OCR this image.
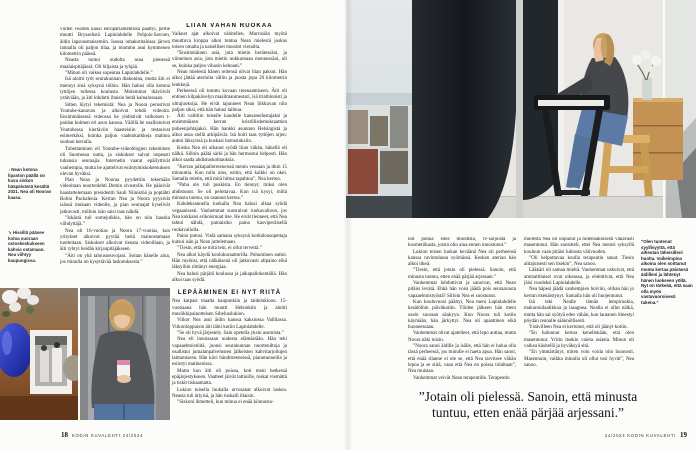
↓Nean kotona lipaston päällä on kuva siskon hääpäivästä kesältä 2021. Nea oli Nooran kaasa.
↘Hissillä pääsee kotoa suoraan ostoskeskukseen kahvia ostamaan. Nea viihtyy kaupungissa.

viiden vuoden kausi europarlamentissa päättyi, perhe muutti Brysselistä Lapinlahdelle Pohjois-Savoon, äidin lapsuusmaisemiin. Isossa omakotitalossa järven rannalla oli paljon tilaa, ja mummo asui kymmenen kilometrin päässä.

Neasta tuntui oudolta asua pienessä maalaispitäjässä. Oli hiljaista ja tyhjää.

”Minun oli vaikea sopeutua Lapinlahdelle.”

Isä aloitti työt seurakunnan diakonina, mutta äiti ei mennyt sinä syksynä töihin. Hän halusi olla kotona tyttöjen tullessa koulusta. Molemmat ikävöivät ystäviään, ja äiti lohdutti iltaisin heitä kainalossaan.

Sitten löytyi tekemistä: Nea ja Noora perustivat Youtube-kanavan ja alkoivat tehdä videoita. Ensimmäisessä videossa he yhdistivät valkoisen t-paidan kolmen eri asun kanssa. Välillä he osallistuivat Youtubessa kiertäviin haasteisiin ja testasivat esimerkiksi, kuinka paljon vaahtokarkkeja mahtuu suuhun kerralla.

Tubettaminen eli Youtube-videoblogien tekeminen oli Suomessa uutta, ja siskokset saivat nopeasti tuhansia seuraajia. Internetin vaarat epäilyttivät vanhempia, mutta he ajattelivat esiintymiskokemuksen olevan hyväksi.

Pian Neaa ja Nooraa pyydettiin tekemään videoitaan nuortenlehti Demin sivustolle. He pääsivät haastattelemaan presidentti Sauli Niinistöä ja poptähti Robin Packalenia. Kerran Nea ja Noora pyysivät isänsä mukaan videolle, ja pian seuraajat kyselivät jatkuvasti, milloin isän saisi taas nähdä.

”Iskästä tuli somejulkkis, hän on niin hauska viihdyttäjä.”

Nea oli 16-vuotias ja Noora 17-vuotias, kun yritykset alkoivat pyytää heitä mainostamaan tuotteitaan. Siskokset alkoivat tienata videoillaan, ja äiti ryhtyi heidän kirjanpitäjäkseen.

”Äiti on yhä talousneuvojani. Soitan hänelle aina, jos minulla on kysyttävää laskutuksesta.”

LIIAN VÄHÄN RUOKAA

Vaikeat ajat alkoivat vähitellen. Murrosiän myötä muuttuva kroppa alkoi tuntua Nean mielestä joskus toisen omalta ja naiselliset muodot vierailta.

”Ensimmäinen asia, jota mietin herätessäni, ja viimeinen asia, jota mietin nukkumaan mennessäni, oli se, kuinka paljon vihasin kehoani.”

Nean mielestä hänen reitensä olivat liian paksut. Hän alkoi jättää aterioita väliin ja juosta jopa 20 kilometrin lenkkejä.

Perheessä oli totuttu kovaan treenaamiseen. Äiti oli entinen kilpakävelyn maailmanmestari, isä triathlonisti ja ultrajuoksija. He eivät tajunneet Nean liikkuvan niin paljon siksi, että hän halusi laihtua.

Äiti valittiin toiselle kaudelle kansanedustajaksi ja ensimmäisen kerran kristillisdemokraattien puheenjohtajaksi. Hän hankki asunnon Helsingistä ja alkoi asua siellä arkipäivät. Isä hoiti taas tyttöjen arjen: auttoi läksyissä ja kuskasi harrastuksiin.

Koska Nea oli alkanut syödä liian vähän, hänellä oli nälkä. Silloin päätä särki ja hän hermostui helposti. Hän alkoi saada ahdistuskohtauksia.

”Kerran jalkapallotreeneissä menin vessaan ja itkin 15 minuuttia. Kun tulin ulos, esitin, että kaikki on okei. Samalla mietin, että mitä hittoa tapahtuu”, Nea kertoo.

”Paha olo tuli puskista. En tiennyt, miksi olen ahdistunut. Se oli pelottavaa. Kun isä kysyi, miltä minusta tuntuu, en osannut kertoa.”

Kahdeksannella luokalla Nea halusi alkaa syödä vegaanisesti. Vanhemmat suostuivat ruokavalioon, jos Nea kokkaisi erikoisruuat itse. He eivät tienneet, että Nea tahtoi nähdä, putoaisiko paino kasviperäisellä ruokavaliolla.

Paino putosi. Vielä samana syksynä kotitalousopettaja kutsui isän ja Nean juttelemaan.

”Tiesin, että se mitä tein, ei ollut tervettä.”

Nea alkoi käydä koulukuraattorilla. Puhuminen auttoi. Hän myönsi, että nälkäisenä oli jatkuvasti alipaino eikä läksyihin riittänyt energiaa.

Nea halusi pärjätä koulussa ja jalkapallokentällä. Hän alkoi taas syödä.

LEPÄÄMINEN EI NYT RIITÄ

Nea kaipasi maalta kaupunkiin ja taidelukioon. 15-vuotiaana hän muutti Helsinkiin ja aloitti musiikkipainotteisen Sibeliuslukion.

Viikot Nea asui äidin kanssa kaksiossa Vallilassa. Viikonloppuisin äiti lähti kotiin Lapinlahdelle.

”Se oli hyvä järjestely. Sain opetella yksin asumista.”

Nea eli innoissaan uudesta elämästään. Hän teki vapaaehtoistöitä, juonsi seurakunnan nuorteniltoja ja osallistui jumalanpalvelusten jälkeisten kahvitarjoilujen laittamiseen. Hän kävi bänditreeneissä, pianotunneilla ja esiintyi matineoissa.

Mutta kun äiti oli poissa, koti meni hetkessä epäjärjestykseen. Vaatteet jäivät lattioille, roskat viemättä ja tiskit tiskaamatta.

Lukion toisella luokalla arvosanat alkoivat laskea. Neasta tuli ärtyisä, ja hän tuskaili iltaisin.

”Siskoni ihmetteli, kun minua ei enää kiinnosta-

18 KODIN KUVALEHTI 24/2024

nut puhua edes muodista, tv-sarjoista ja kosmetiikasta, joista olin aina ennen innostunut.”

Lukion toisen luokan keväänä Nea oli perheensä kanssa ravintolassa syömässä. Kesken aterian hän alkoi itkeä.

”Tiesin, että jotain oli pielessä. Sanoin, että minusta tuntuu, etten enää pärjää arjessani.”

Vanhemmat lohduttivat ja sanoivat, että Nean pitäisi levätä. Ehkä hän voisi jäädä pois seuraavasta vapaaehtoistyöstä? Silloin Nea ei suostunut.

Kun kouluvuosi päättyi, Nea meni Lapinlahdelle kesätöihin päiväkotiin. Töiden jälkeen hän meni usein suoraan sänkyyn. Kun Noora tuli kotiin käymään, hän järkyttyi. Nea oli apaattinen eikä huoneessaan.

Vanhemmat olivat ajatelleet, että lepo auttaa, mutta Noora näki toisin.

”Noora sanoi äidille ja isälle, että hän ei halua olla tässä perheessä, jos minulle ei haeta apua. Hän sanoi, että enää tilanne ei ole se, että Nea tarvitsee vähän lepoa ja se siitä, vaan että Nea on poissa tolaltaan”, Nea muistaa.

Vanhemmat veivät Nean terapeutille. Terapeutin

mielestä Nea oli uupunut ja todennäköisesti vakavasti masentunut. Hän suositteli, ettei Nea menisi syksyllä kouluun vaan pitäisi lukiosta välivuoden.

”Oli helpottavaa kuulla terapeutin sanat. Tiesin alitajuisesti sen itsekin”, Nea sanoo.

Lääkäri oli samaa mieltä. Vanhemmat uskoivat, että ammattilaiset ovat oikeassa, ja ehdottivat, että Nea jäisi vuodeksi Lapinlahdelle.

Nea häpesi jäädä vanhempien hoiviin, olihan hän jo kerran itsenäistynyt. Samalla hän oli huojentunut.

Isä teki Nealle tämän lempiruokia, makaronilaatikkoa ja lasagnea. Nealla ei ollut nälkä, mutta hän sai syötyä edes vähän, kun lautanen ilmestyi pöydän reunalle säännöllisesti.

Ystävilleen Nea ei kertonut, että oli jäänyt kotiin.

”En halunnut kertoa kenellekään, että olen masentunut. Yritin itsekin vaieta asiasta. Minun oli vaikea käsitellä ja hyväksyä sitä.

”En ymmärtänyt, miten voin voida niin huonosti. Masennuin, vaikka minulla oli ollut tosi hyvät”, Nea sanoo.

”Olen tuntenut syyllisyyttä, että aiheutan läheisilleni huolta. Vaikeimpina aikoina olen soittanut monta kertaa päivässä äidilleni ja lähtenyt hänen luokseen yöllä. Nyt on tärkeää, että saan olla myös vastavuoroisesti tukena.”
”Jotain oli pielessä. Sanoin, että minusta tuntuu, etten enää pärjää arjessani.”
24/2024 KODIN KUVALEHTI 19
